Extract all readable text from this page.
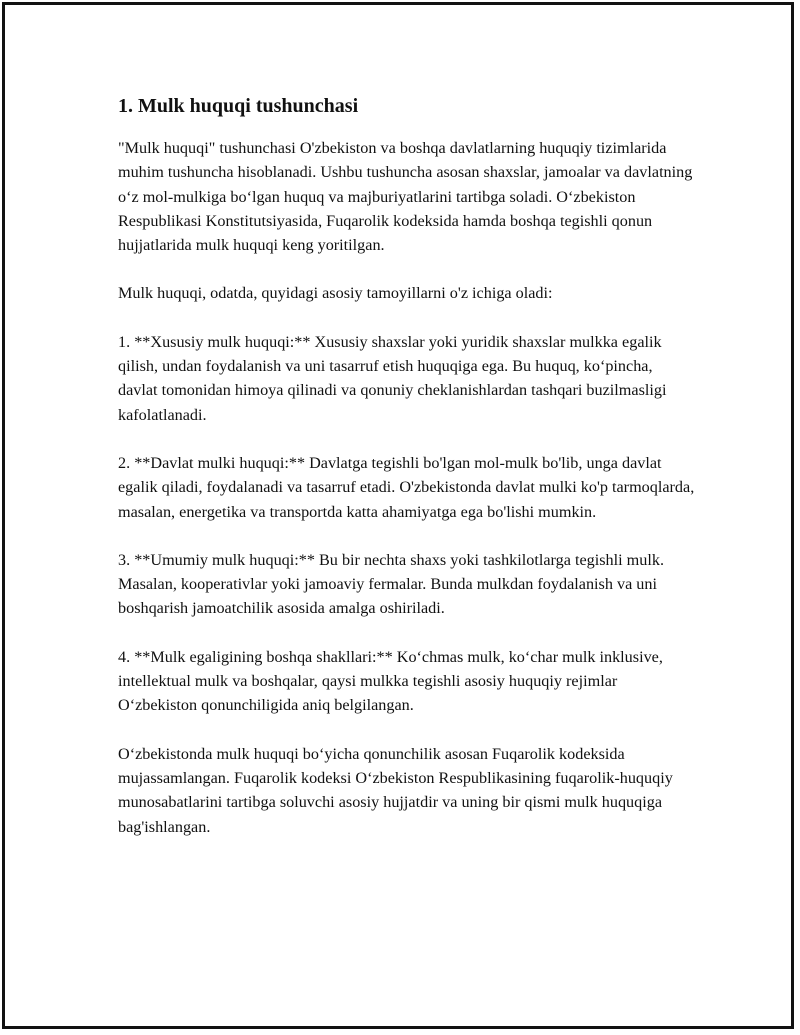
1. Mulk huquqi tushunchasi

"Mulk huquqi" tushunchasi O'zbekiston va boshqa davlatlarning huquqiy tizimlarida muhim tushuncha hisoblanadi. Ushbu tushuncha asosan shaxslar, jamoalar va davlatning o‘z mol-mulkiga bo‘lgan huquq va majburiyatlarini tartibga soladi. O‘zbekiston Respublikasi Konstitutsiyasida, Fuqarolik kodeksida hamda boshqa tegishli qonun hujjatlarida mulk huquqi keng yoritilgan.

Mulk huquqi, odatda, quyidagi asosiy tamoyillarni o'z ichiga oladi:

1. **Xususiy mulk huquqi:** Xususiy shaxslar yoki yuridik shaxslar mulkka egalik qilish, undan foydalanish va uni tasarruf etish huquqiga ega. Bu huquq, ko‘pincha, davlat tomonidan himoya qilinadi va qonuniy cheklanishlardan tashqari buzilmasligi kafolatlanadi.

2. **Davlat mulki huquqi:** Davlatga tegishli bo'lgan mol-mulk bo'lib, unga davlat egalik qiladi, foydalanadi va tasarruf etadi. O'zbekistonda davlat mulki ko'p tarmoqlarda, masalan, energetika va transportda katta ahamiyatga ega bo'lishi mumkin.

3. **Umumiy mulk huquqi:** Bu bir nechta shaxs yoki tashkilotlarga tegishli mulk. Masalan, kooperativlar yoki jamoaviy fermalar. Bunda mulkdan foydalanish va uni boshqarish jamoatchilik asosida amalga oshiriladi.

4. **Mulk egaligining boshqa shakllari:** Ko‘chmas mulk, ko‘char mulk inklusive, intellektual mulk va boshqalar, qaysi mulkka tegishli asosiy huquqiy rejimlar O‘zbekiston qonunchiligida aniq belgilangan.

O‘zbekistonda mulk huquqi bo‘yicha qonunchilik asosan Fuqarolik kodeksida mujassamlangan. Fuqarolik kodeksi O‘zbekiston Respublikasining fuqarolik-huquqiy munosabatlarini tartibga soluvchi asosiy hujjatdir va uning bir qismi mulk huquqiga bag'ishlangan.
